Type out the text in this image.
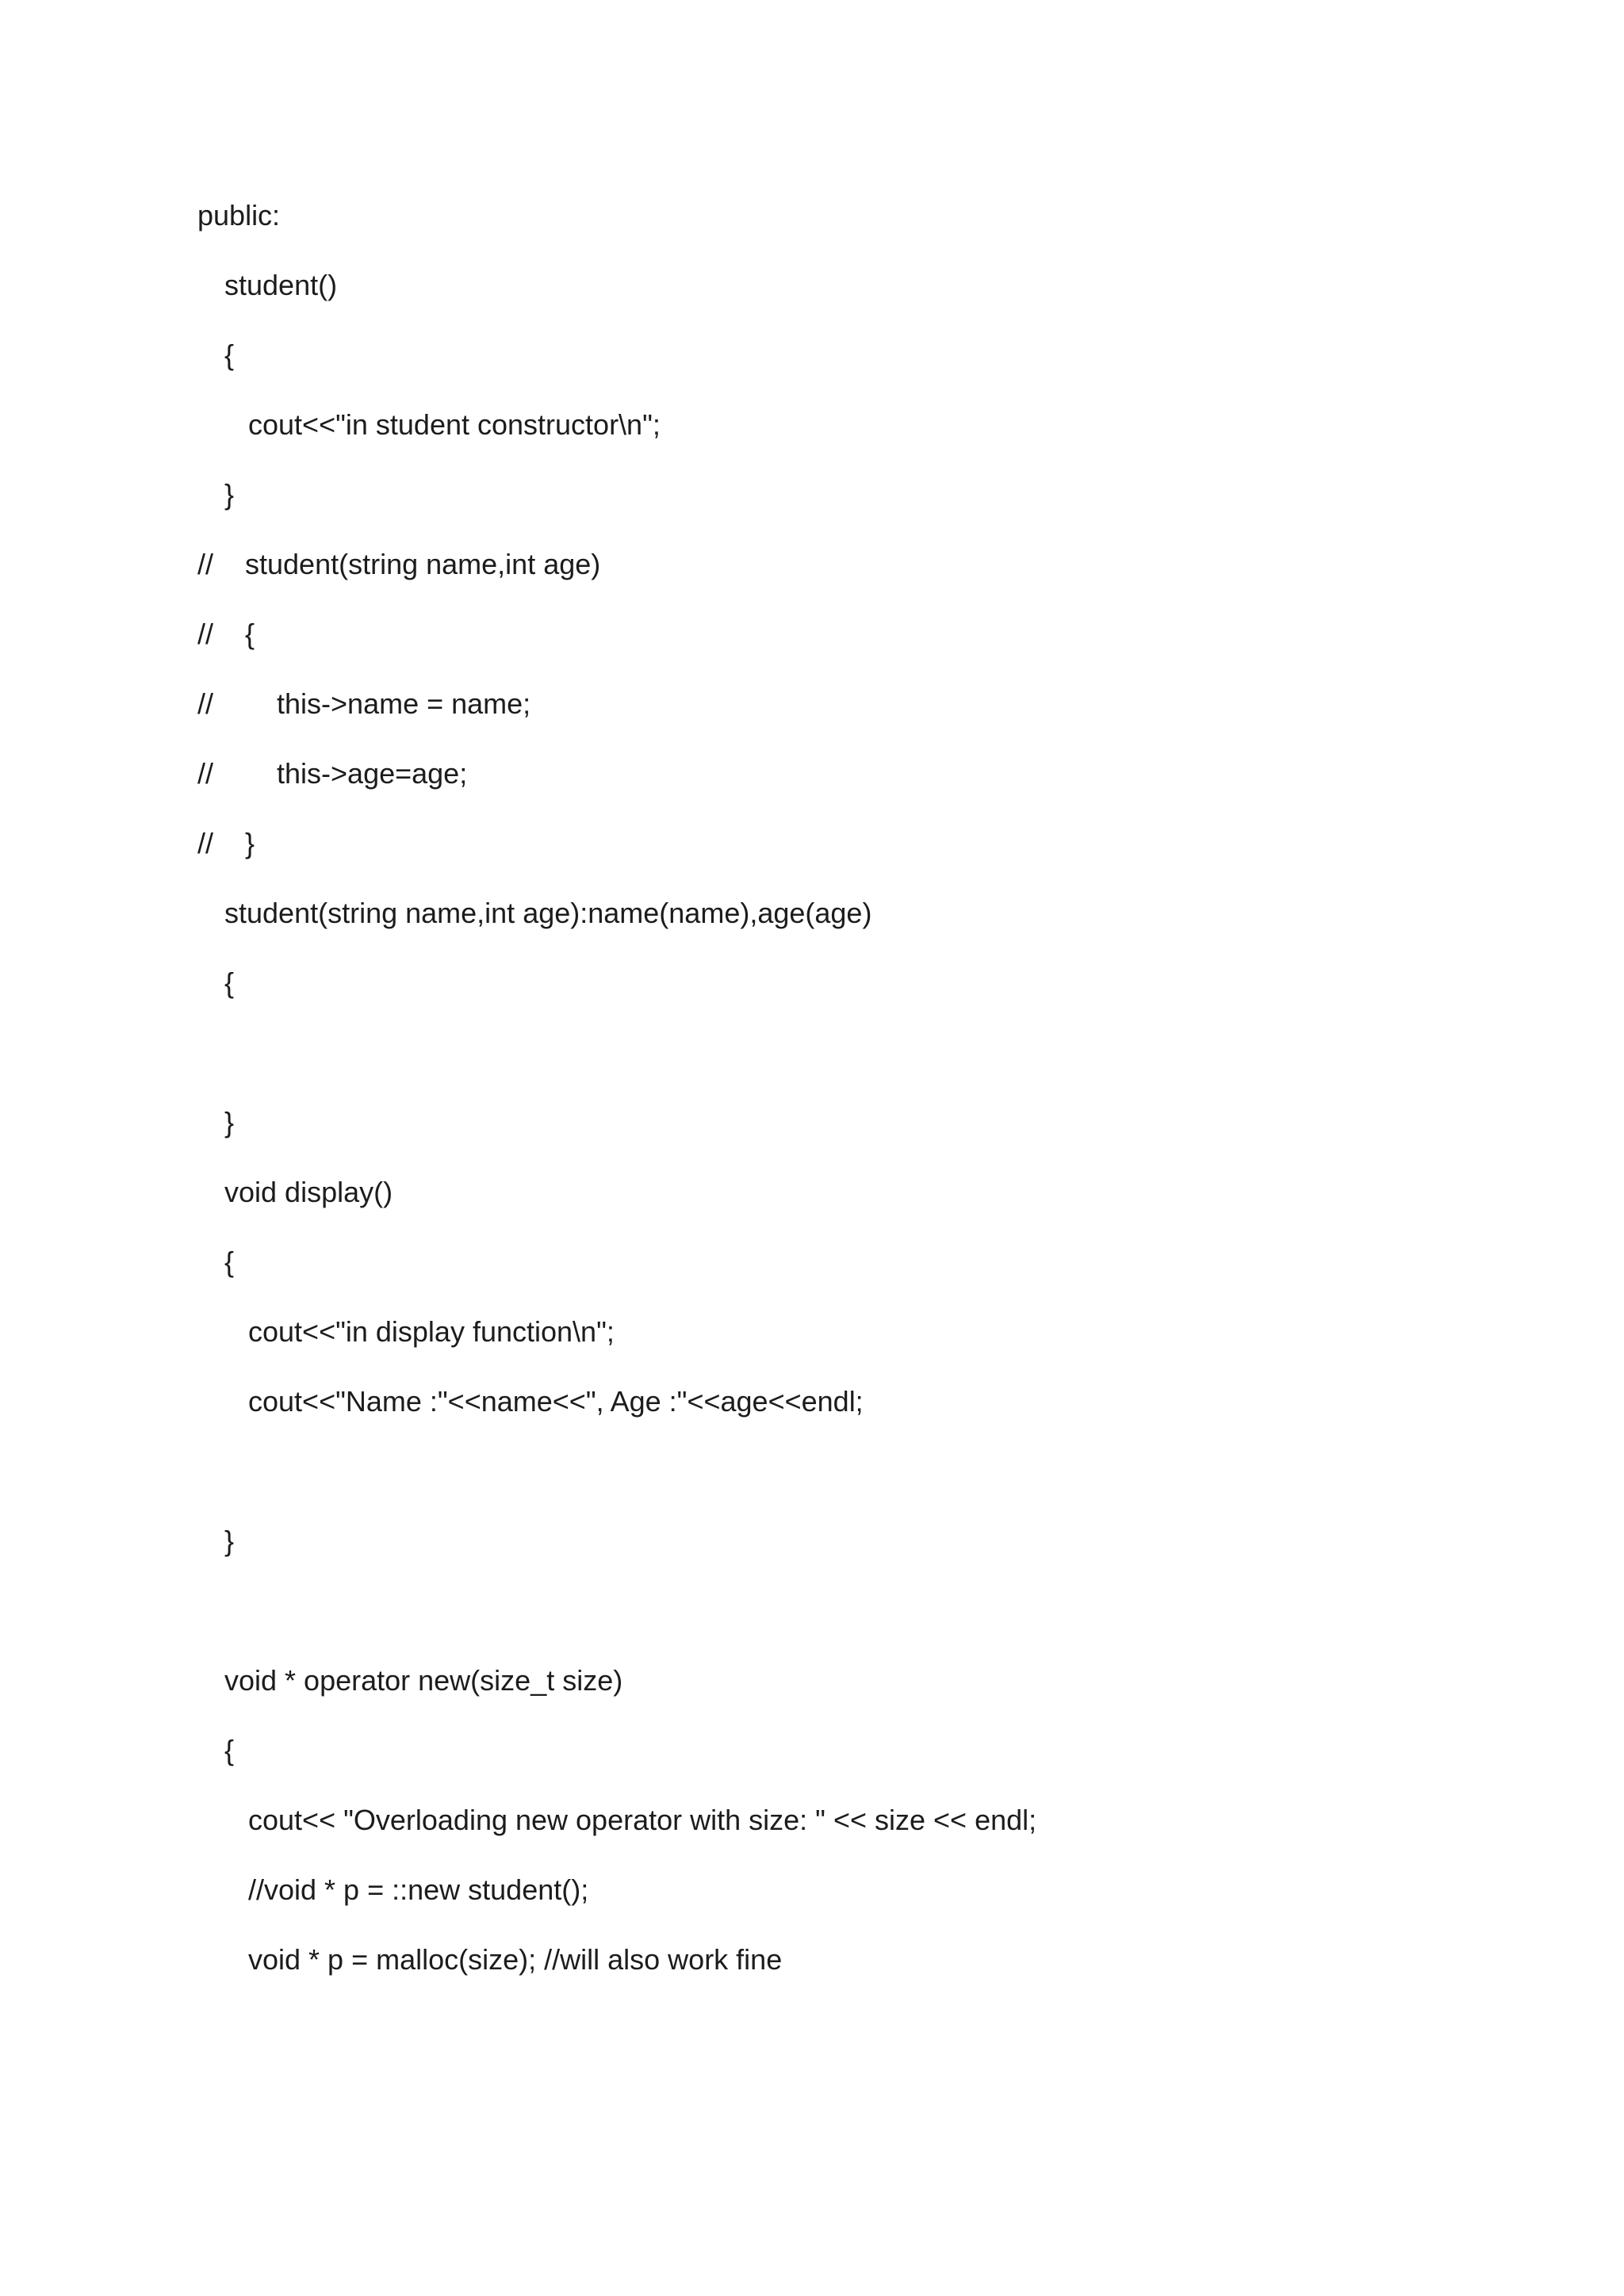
public:
student()
{
cout<<"in student constructor\n";
}
//    student(string name,int age)
//    {
//        this->name = name;
//        this->age=age;
//    }
student(string name,int age):name(name),age(age)
{
}
void display()
{
cout<<"in display function\n";
cout<<"Name :"<<name<<", Age :"<<age<<endl;
}
void * operator new(size_t size)
{
cout<< "Overloading new operator with size: " << size << endl;
//void * p = ::new student();
void * p = malloc(size); //will also work fine
